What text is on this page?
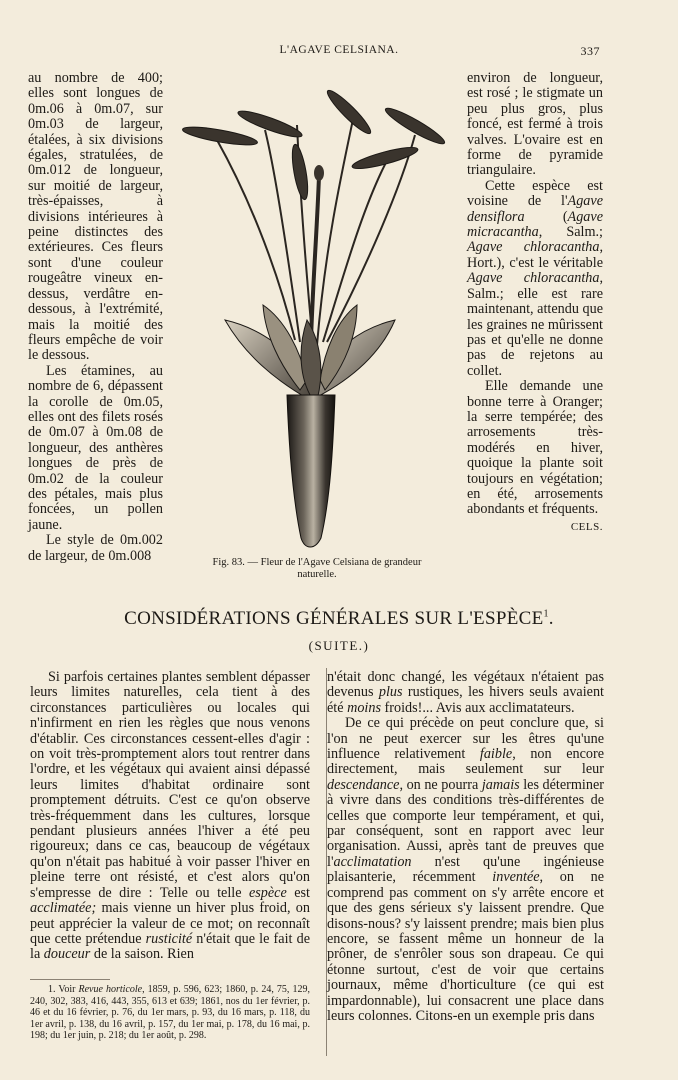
L'AGAVE CELSIANA.	337

au nombre de 400; elles sont longues de 0m.06 à 0m.07, sur 0m.03 de largeur, étalées, à six divisions égales, stratulées, de 0m.012 de longueur, sur moitié de largeur, très-épaisses, à divisions intérieures à peine distinctes des extérieures. Ces fleurs sont d'une couleur rougeâtre vineux en-dessus, verdâtre en-dessous, à l'extrémité, mais la moitié des fleurs empêche de voir le dessous.

Les étamines, au nombre de 6, dépassent la corolle de 0m.05, elles ont des filets rosés de 0m.07 à 0m.08 de longueur, des anthères longues de près de 0m.02 de la couleur des pétales, mais plus foncées, un pollen jaune.

Le style de 0m.002 de largeur, de 0m.008	Fig. 83. — Fleur de l'Agave Celsiana de grandeur naturelle.

environ de longueur, est rosé ; le stigmate un peu plus gros, plus foncé, est fermé à trois valves. L'ovaire est en forme de pyramide triangulaire.

Cette espèce est voisine de l'Agave densiflora (Agave micracantha, Salm.; Agave chloracantha, Hort.), c'est le véritable Agave chloracantha, Salm.; elle est rare maintenant, attendu que les graines ne mûrissent pas et qu'elle ne donne pas de rejetons au collet.

Elle demande une bonne terre à Oranger; la serre tempérée; des arrosements très-modérés en hiver, quoique la plante soit toujours en végétation; en été, arrosements abondants et fréquents.

CELS.
CONSIDÉRATIONS GÉNÉRALES SUR L'ESPÈCE$^1$.
(SUITE.)

Si parfois certaines plantes semblent dépasser leurs limites naturelles, cela tient à des circonstances particulières ou locales qui n'infirment en rien les règles que nous venons d'établir. Ces circonstances cessent-elles d'agir : on voit très-promptement alors tout rentrer dans l'ordre, et les végétaux qui avaient ainsi dépassé leurs limites d'habitat ordinaire sont promptement détruits. C'est ce qu'on observe très-fréquemment dans les cultures, lorsque pendant plusieurs années l'hiver a été peu rigoureux; dans ce cas, beaucoup de végétaux qu'on n'était pas habitué à voir passer l'hiver en pleine terre ont résisté, et c'est alors qu'on s'empresse de dire : Telle ou telle espèce est acclimatée; mais vienne un hiver plus froid, on peut apprécier la valeur de ce mot; on reconnaît que cette prétendue rusticité n'était que le fait de la douceur de la saison. Rien

n'était donc changé, les végétaux n'étaient pas devenus plus rustiques, les hivers seuls avaient été moins froids!... Avis aux acclimatateurs.

De ce qui précède on peut conclure que, si l'on ne peut exercer sur les êtres qu'une influence relativement faible, non encore directement, mais seulement sur leur descendance, on ne pourra jamais les déterminer à vivre dans des conditions très-différentes de celles que comporte leur tempérament, et qui, par conséquent, sont en rapport avec leur organisation. Aussi, après tant de preuves que l'acclimatation n'est qu'une ingénieuse plaisanterie, récemment inventée, on ne comprend pas comment on s'y arrête encore et que des gens sérieux s'y laissent prendre. Que disons-nous? s'y laissent prendre; mais bien plus encore, se fassent même un honneur de la prôner, de s'enrôler sous son drapeau. Ce qui étonne surtout, c'est de voir que certains journaux, même d'horticulture (ce qui est impardonnable), lui consacrent une place dans leurs colonnes. Citons-en un exemple pris dans

1. Voir Revue horticole, 1859, p. 596, 623; 1860, p. 24, 75, 129, 240, 302, 383, 416, 443, 355, 613 et 639; 1861, nos du 1er février, p. 46 et du 16 février, p. 76, du 1er mars, p. 93, du 16 mars, p. 118, du 1er avril, p. 138, du 16 avril, p. 157, du 1er mai, p. 178, du 16 mai, p. 198; du 1er juin, p. 218; du 1er août, p. 298.
